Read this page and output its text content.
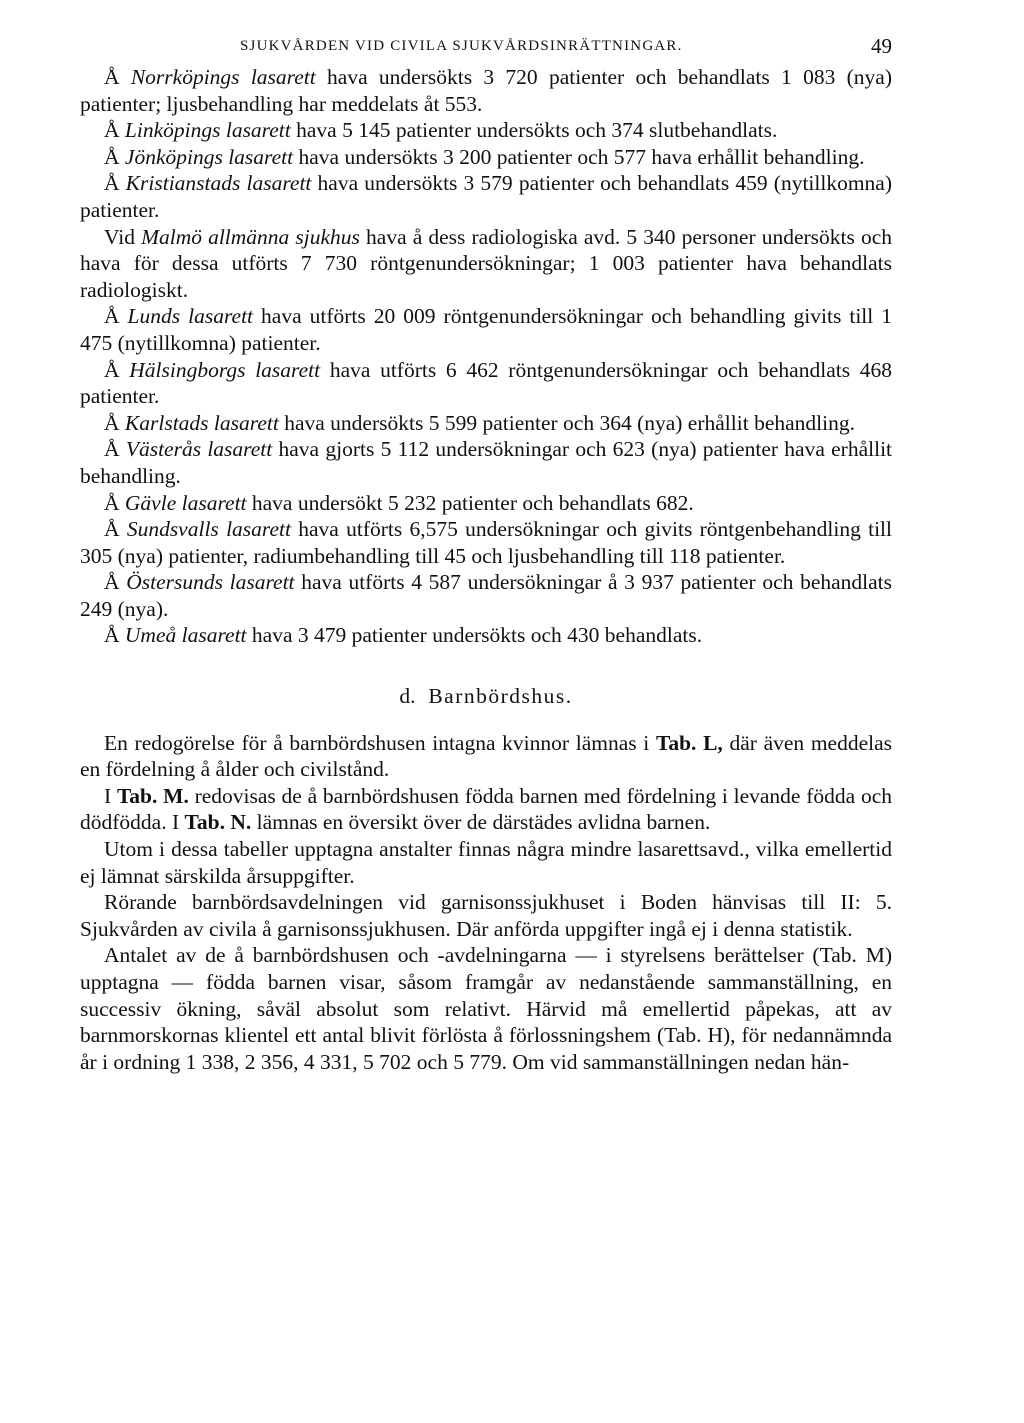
SJUKVÅRDEN VID CIVILA SJUKVÅRDSINRÄTTNINGAR.	49

Å Norrköpings lasarett hava undersökts 3 720 patienter och behandlats 1 083 (nya) patienter; ljusbehandling har meddelats åt 553.

Å Linköpings lasarett hava 5 145 patienter undersökts och 374 slutbehandlats.

Å Jönköpings lasarett hava undersökts 3 200 patienter och 577 hava erhållit behandling.

Å Kristianstads lasarett hava undersökts 3 579 patienter och behandlats 459 (nytillkomna) patienter.

Vid Malmö allmänna sjukhus hava å dess radiologiska avd. 5 340 personer undersökts och hava för dessa utförts 7 730 röntgenundersökningar; 1 003 patienter hava behandlats radiologiskt.

Å Lunds lasarett hava utförts 20 009 röntgenundersökningar och behandling givits till 1 475 (nytillkomna) patienter.

Å Hälsingborgs lasarett hava utförts 6 462 röntgenundersökningar och behandlats 468 patienter.

Å Karlstads lasarett hava undersökts 5 599 patienter och 364 (nya) erhållit behandling.

Å Västerås lasarett hava gjorts 5 112 undersökningar och 623 (nya) patienter hava erhållit behandling.

Å Gävle lasarett hava undersökt 5 232 patienter och behandlats 682.

Å Sundsvalls lasarett hava utförts 6,575 undersökningar och givits röntgenbehandling till 305 (nya) patienter, radiumbehandling till 45 och ljusbehandling till 118 patienter.

Å Östersunds lasarett hava utförts 4 587 undersökningar å 3 937 patienter och behandlats 249 (nya).

Å Umeå lasarett hava 3 479 patienter undersökts och 430 behandlats.

d. Barnbördshus.

En redogörelse för å barnbördshusen intagna kvinnor lämnas i Tab. L, där även meddelas en fördelning å ålder och civilstånd.

I Tab. M. redovisas de å barnbördshusen födda barnen med fördelning i levande födda och dödfödda. I Tab. N. lämnas en översikt över de därstädes avlidna barnen.

Utom i dessa tabeller upptagna anstalter finnas några mindre lasarettsavd., vilka emellertid ej lämnat särskilda årsuppgifter.

Rörande barnbördsavdelningen vid garnisonssjukhuset i Boden hänvisas till II: 5. Sjukvården av civila å garnisonssjukhusen. Där anförda uppgifter ingå ej i denna statistik.

Antalet av de å barnbördshusen och -avdelningarna — i styrelsens berättelser (Tab. M) upptagna — födda barnen visar, såsom framgår av nedanstående sammanställning, en successiv ökning, såväl absolut som relativt. Härvid må emellertid påpekas, att av barnmorskornas klientel ett antal blivit förlösta å förlossningshem (Tab. H), för nedannämnda år i ordning 1 338, 2 356, 4 331, 5 702 och 5 779. Om vid sammanställningen nedan hän-
